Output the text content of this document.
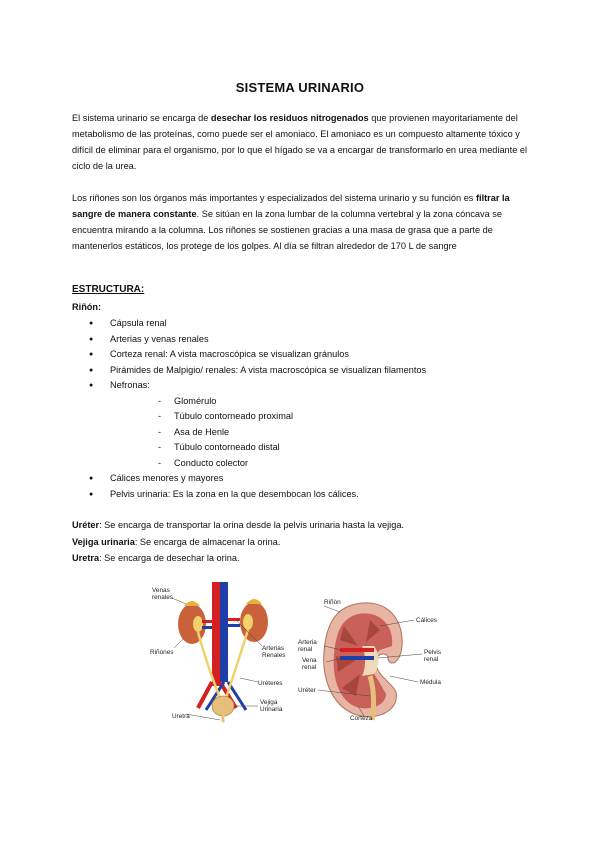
SISTEMA URINARIO
El sistema urinario se encarga de desechar los residuos nitrogenados que provienen mayoritariamente del metabolismo de las proteínas, como puede ser el amoniaco. El amoniaco es un compuesto altamente tóxico y difícil de eliminar para el organismo, por lo que el hígado se va a encargar de transformarlo en urea mediante el ciclo de la urea.
Los riñones son los órganos más importantes y especializados del sistema urinario y su función es filtrar la sangre de manera constante. Se sitúan en la zona lumbar de la columna vertebral y la zona cóncava se encuentra mirando a la columna. Los riñones se sostienen gracias a una masa de grasa que a parte de mantenerlos estáticos, los protege de los golpes. Al día se filtran alrededor de 170 L de sangre
ESTRUCTURA:
Riñón:
● Cápsula renal
● Arterias y venas renales
● Corteza renal: A vista macroscópica se visualizan gránulos
● Pirámides de Malpigio/ renales: A vista macroscópica se visualizan filamentos
● Nefronas:
- Glomérulo
- Túbulo contorneado proximal
- Asa de Henle
- Túbulo contorneado distal
- Conducto colector
● Cálices menores y mayores
● Pelvis urinaria: Es la zona en la que desembocan los cálices.
Uréter: Se encarga de transportar la orina desde la pelvis urinaria hasta la vejiga.
Vejiga urinaria: Se encarga de almacenar la orina.
Uretra: Se encarga de desechar la orina.
Venas
renales
Riñones
Arterias
Renales
Uréteres
Vejiga
Urinaria
Uretra
Riñón
Cálices
Arteria
renal
Vena
renal
Pelvis
renal
Médula
Uréter
Corteza
